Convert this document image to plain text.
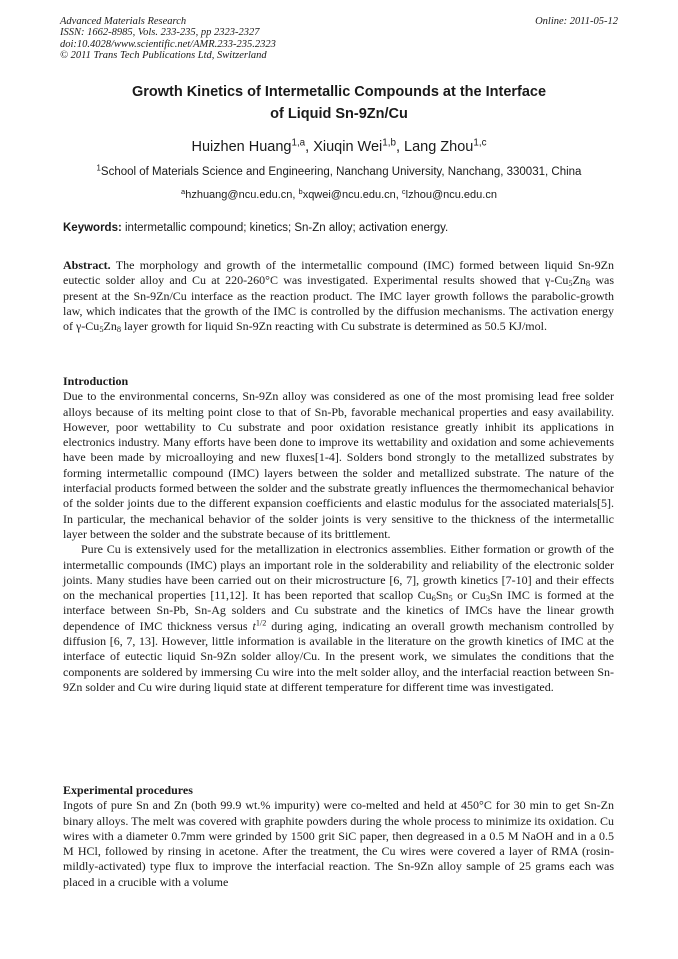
Advanced Materials Research
ISSN: 1662-8985, Vols. 233-235, pp 2323-2327
doi:10.4028/www.scientific.net/AMR.233-235.2323
© 2011 Trans Tech Publications Ltd, Switzerland
Online: 2011-05-12
Growth Kinetics of Intermetallic Compounds at the Interface
of Liquid Sn-9Zn/Cu
Huizhen Huang$^{1,a}$, Xiuqin Wei$^{1,b}$, Lang Zhou$^{1,c}$
$^1$School of Materials Science and Engineering, Nanchang University, Nanchang, 330031, China
$^a$hzhuang@ncu.edu.cn, $^b$xqwei@ncu.edu.cn, $^c$lzhou@ncu.edu.cn
Keywords: intermetallic compound; kinetics; Sn-Zn alloy; activation energy.

Abstract. The morphology and growth of the intermetallic compound (IMC) formed between liquid Sn-9Zn eutectic solder alloy and Cu at 220-260°C was investigated. Experimental results showed that $\gamma-Cu_5Zn_8$ was present at the Sn-9Zn/Cu interface as the reaction product. The IMC layer growth follows the parabolic-growth law, which indicates that the growth of the IMC is controlled by the diffusion mechanisms. The activation energy of $\gamma-Cu_5Zn_8$ layer growth for liquid Sn-9Zn reacting with Cu substrate is determined as 50.5 KJ/mol.

Introduction

Due to the environmental concerns, Sn-9Zn alloy was considered as one of the most promising lead free solder alloys because of its melting point close to that of Sn-Pb, favorable mechanical properties and easy availability. However, poor wettability to Cu substrate and poor oxidation resistance greatly inhibit its applications in electronics industry. Many efforts have been done to improve its wettability and oxidation and some achievements have been made by microalloying and new fluxes[1-4]. Solders bond strongly to the metallized substrates by forming intermetallic compound (IMC) layers between the solder and metallized substrate. The nature of the interfacial products formed between the solder and the substrate greatly influences the thermomechanical behavior of the solder joints due to the different expansion coefficients and elastic modulus for the associated materials[5]. In particular, the mechanical behavior of the solder joints is very sensitive to the thickness of the intermetallic layer between the solder and the substrate because of its brittlement.

Pure Cu is extensively used for the metallization in electronics assemblies. Either formation or growth of the intermetallic compounds (IMC) plays an important role in the solderability and reliability of the electronic solder joints. Many studies have been carried out on their microstructure [6, 7], growth kinetics [7-10] and their effects on the mechanical properties [11,12]. It has been reported that scallop $Cu_6Sn_5$ or $Cu_3Sn$ IMC is formed at the interface between Sn-Pb, Sn-Ag solders and Cu substrate and the kinetics of IMCs have the linear growth dependence of IMC thickness versus $t^{1/2}$ during aging, indicating an overall growth mechanism controlled by diffusion [6, 7, 13]. However, little information is available in the literature on the growth kinetics of IMC at the interface of eutectic liquid Sn-9Zn solder alloy/Cu. In the present work, we simulates the conditions that the components are soldered by immersing Cu wire into the melt solder alloy, and the interfacial reaction between Sn-9Zn solder and Cu wire during liquid state at different temperature for different time was investigated.

Experimental procedures

Ingots of pure Sn and Zn (both 99.9 wt.% impurity) were co-melted and held at 450°C for 30 min to get Sn-Zn binary alloys. The melt was covered with graphite powders during the whole process to minimize its oxidation. Cu wires with a diameter 0.7mm were grinded by 1500 grit SiC paper, then degreased in a 0.5 M NaOH and in a 0.5 M HCl, followed by rinsing in acetone. After the treatment, the Cu wires were covered a layer of RMA (rosin-mildly-activated) type flux to improve the interfacial reaction. The Sn-9Zn alloy sample of 25 grams each was placed in a crucible with a volume
